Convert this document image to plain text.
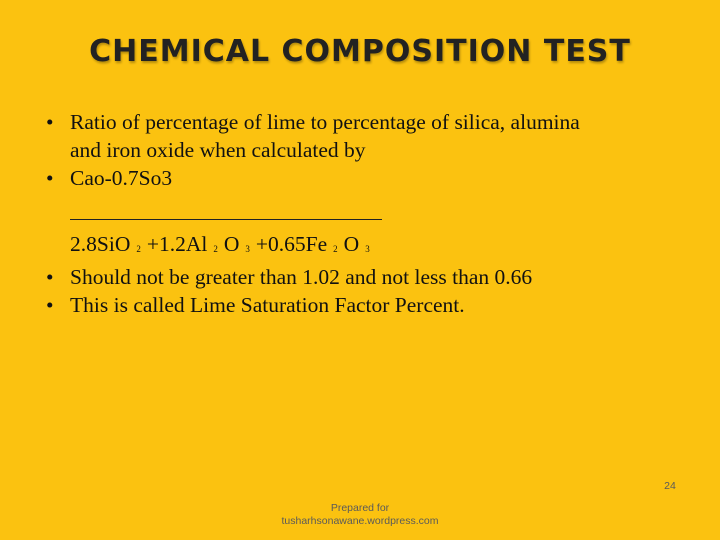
CHEMICAL COMPOSITION TEST
• Ratio of percentage of lime to percentage of silica, alumina
and iron oxide when calculated by
• Cao-0.7So3
2.8SiO 2 +1.2Al 2 O 3 +0.65Fe 2 O 3
• Should not be greater than 1.02 and not less than 0.66
• This is called Lime Saturation Factor Percent.
Prepared for
tusharhsonawane.wordpress.com
24
